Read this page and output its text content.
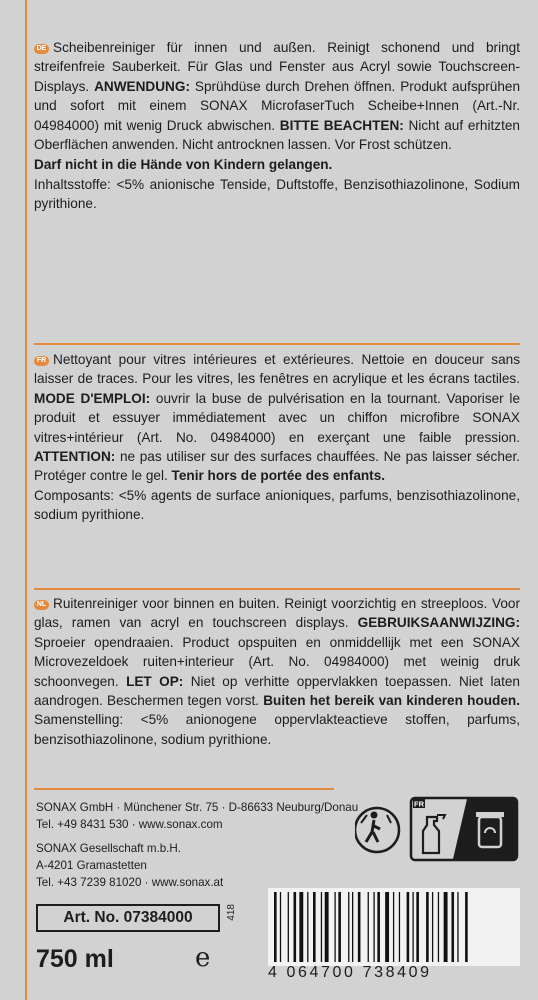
DE Scheibenreiniger für innen und außen. Reinigt schonend und bringt streifenfreie Sauberkeit. Für Glas und Fenster aus Acryl sowie Touchscreen-Displays. ANWENDUNG: Sprühdüse durch Drehen öffnen. Produkt aufsprühen und sofort mit einem SONAX MicrofaserTuch Scheibe+Innen (Art.-Nr. 04984000) mit wenig Druck abwischen. BITTE BEACHTEN: Nicht auf erhitzten Oberflächen anwenden. Nicht antrocknen lassen. Vor Frost schützen.

Darf nicht in die Hände von Kindern gelangen.

Inhaltsstoffe: <5% anionische Tenside, Duftstoffe, Benzisothiazolinone, Sodium pyrithione.

FR Nettoyant pour vitres intérieures et extérieures. Nettoie en douceur sans laisser de traces. Pour les vitres, les fenêtres en acrylique et les écrans tactiles. MODE D'EMPLOI: ouvrir la buse de pulvérisation en la tournant. Vaporiser le produit et essuyer immédiatement avec un chiffon microfibre SONAX vitres+intérieur (Art. No. 04984000) en exerçant une faible pression. ATTENTION: ne pas utiliser sur des surfaces chauffées. Ne pas laisser sécher. Protéger contre le gel. Tenir hors de portée des enfants.

Composants: <5% agents de surface anioniques, parfums, benzisothiazolinone, sodium pyrithione.

NL Ruitenreiniger voor binnen en buiten. Reinigt voorzichtig en streeploos. Voor glas, ramen van acryl en touchscreen displays. GEBRUIKSAANWIJZING: Sproeier opendraaien. Product opspuiten en onmiddellijk met een SONAX Microvezeldoek ruiten+interieur (Art. No. 04984000) met weinig druk schoonvegen. LET OP: Niet op verhitte oppervlakken toepassen. Niet laten aandrogen. Beschermen tegen vorst. Buiten het bereik van kinderen houden. Samenstelling: <5% anionogene oppervlakteactieve stoffen, parfums, benzisothiazolinone, sodium pyrithione.

SONAX GmbH · Münchener Str. 75 · D-86633 Neuburg/Donau
Tel. +49 8431 530 · www.sonax.com
SONAX Gesellschaft m.b.H.
A-4201 Gramastetten
Tel. +43 7239 81020 · www.sonax.at
FR
Art. No. 07384000	418
750 ml	e	4 064700 738409
